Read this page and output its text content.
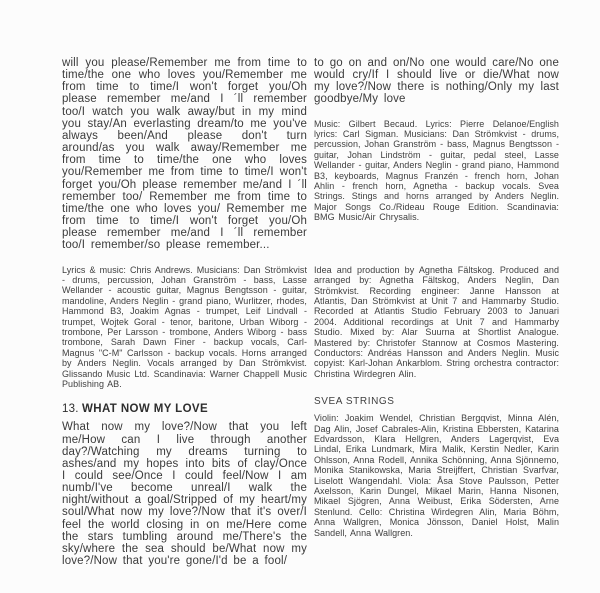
will you please/Remember me from time to time/the one who loves you/Remember me from time to time/I won't forget you/Oh please remember me/and I ´ll remember too/I watch you walk away/but in my mind you stay/An everlasting dream/to me you've always been/And please don't turn around/as you walk away/Remember me from time to time/the one who loves you/Remember me from time to time/I won't forget you/Oh please remember me/and I ´ll remember too/ Remember me from time to time/the one who loves you/ Remember me from time to time/I won't forget you/Oh please remember me/and I ´ll remember too/I remember/so please remember...

Lyrics & music: Chris Andrews. Musicians: Dan Strömkvist - drums, percussion, Johan Granström - bass, Lasse Wellander - acoustic guitar, Magnus Bengtsson - guitar, mandoline, Anders Neglin - grand piano, Wurlitzer, rhodes, Hammond B3, Joakim Agnas - trumpet, Leif Lindvall - trumpet, Wojtek Goral - tenor, baritone, Urban Wiborg - trombone, Per Larsson - trombone, Anders Wiborg - bass trombone, Sarah Dawn Finer - backup vocals, Carl-Magnus "C-M" Carlsson - backup vocals. Horns arranged by Anders Neglin. Vocals arranged by Dan Strömkvist. Glissando Music Ltd. Scandinavia: Warner Chappell Music Publishing AB.

13. WHAT NOW MY LOVE

What now my love?/Now that you left me/How can I live through another day?/Watching my dreams turning to ashes/and my hopes into bits of clay/Once I could see/Once I could feel/Now I am numb/I've become unreal/I walk the night/without a goal/Stripped of my heart/my soul/What now my love?/Now that it's over/I feel the world closing in on me/Here come the stars tumbling around me/There's the sky/where the sea should be/What now my love?/Now that you're gone/I'd be a fool/

to go on and on/No one would care/No one would cry/If I should live or die/What now my love?/Now there is nothing/Only my last goodbye/My love

Music: Gilbert Becaud. Lyrics: Pierre Delanoe/English lyrics: Carl Sigman. Musicians: Dan Strömkvist - drums, percussion, Johan Granström - bass, Magnus Bengtsson - guitar, Johan Lindström - guitar, pedal steel, Lasse Wellander - guitar, Anders Neglin - grand piano, Hammond B3, keyboards, Magnus Franzén - french horn, Johan Ahlin - french horn, Agnetha - backup vocals. Svea Strings. Stings and horns arranged by Anders Neglin. Major Songs Co./Rideau Rouge Edition. Scandinavia: BMG Music/Air Chrysalis.

Idea and production by Agnetha Fältskog. Produced and arranged by: Agnetha Fältskog, Anders Neglin, Dan Strömkvist. Recording engineer: Janne Hansson at Atlantis, Dan Strömkvist at Unit 7 and Hammarby Studio. Recorded at Atlantis Studio February 2003 to Januari 2004. Additional recordings at Unit 7 and Hammarby Studio. Mixed by: Alar Suurna at Shortlist Analogue. Mastered by: Christofer Stannow at Cosmos Mastering. Conductors: Andréas Hansson and Anders Neglin. Music copyist: Karl-Johan Ankarblom. String orchestra contractor: Christina Wirdegren Alin.

SVEA STRINGS

Violin: Joakim Wendel, Christian Bergqvist, Minna Alén, Dag Alin, Josef Cabrales-Alin, Kristina Ebbersten, Katarina Edvardsson, Klara Hellgren, Anders Lagerqvist, Eva Lindal, Erika Lundmark, Mira Malik, Kerstin Nedler, Karin Ohlsson, Anna Rodell, Annika Schönning, Anna Sjönnemo, Monika Stanikowska, Maria Streijffert, Christian Svarfvar, Liselott Wangendahl. Viola: Åsa Stove Paulsson, Petter Axelsson, Karin Dungel, Mikael Marin, Hanna Nisonen, Mikael Sjögren, Anna Weibust, Erika Södersten, Arne Stenlund. Cello: Christina Wirdegren Alin, Maria Böhm, Anna Wallgren, Monica Jönsson, Daniel Holst, Malin Sandell, Anna Wallgren.
